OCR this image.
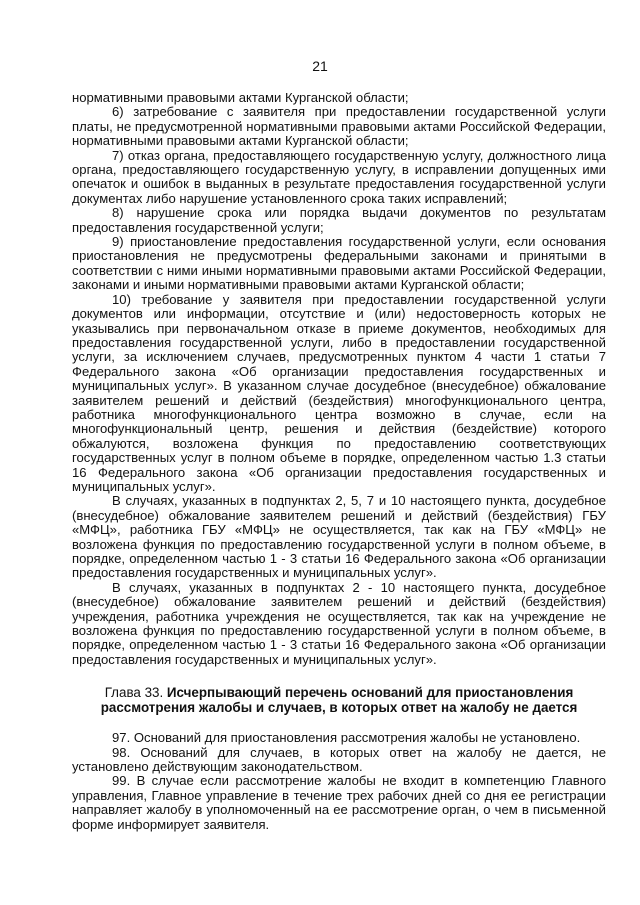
21

нормативными правовыми актами Курганской области;

6) затребование с заявителя при предоставлении государственной услуги платы, не предусмотренной нормативными правовыми актами Российской Федерации, нормативными правовыми актами Курганской области;

7) отказ органа, предоставляющего государственную услугу, должностного лица органа, предоставляющего государственную услугу, в исправлении допущенных ими опечаток и ошибок в выданных в результате предоставления государственной услуги документах либо нарушение установленного срока таких исправлений;

8) нарушение срока или порядка выдачи документов по результатам предоставления государственной услуги;

9) приостановление предоставления государственной услуги, если основания приостановления не предусмотрены федеральными законами и принятыми в соответствии с ними иными нормативными правовыми актами Российской Федерации, законами и иными нормативными правовыми актами Курганской области;

10) требование у заявителя при предоставлении государственной услуги документов или информации, отсутствие и (или) недостоверность которых не указывались при первоначальном отказе в приеме документов, необходимых для предоставления государственной услуги, либо в предоставлении государственной услуги, за исключением случаев, предусмотренных пунктом 4 части 1 статьи 7 Федерального закона «Об организации предоставления государственных и муниципальных услуг». В указанном случае досудебное (внесудебное) обжалование заявителем решений и действий (бездействия) многофункционального центра, работника многофункционального центра возможно в случае, если на многофункциональный центр, решения и действия (бездействие) которого обжалуются, возложена функция по предоставлению соответствующих государственных услуг в полном объеме в порядке, определенном частью 1.3 статьи 16 Федерального закона «Об организации предоставления государственных и муниципальных услуг».

В случаях, указанных в подпунктах 2, 5, 7 и 10 настоящего пункта, досудебное (внесудебное) обжалование заявителем решений и действий (бездействия) ГБУ «МФЦ», работника ГБУ «МФЦ» не осуществляется, так как на ГБУ «МФЦ» не возложена функция по предоставлению государственной услуги в полном объеме, в порядке, определенном частью 1 - 3 статьи 16 Федерального закона «Об организации предоставления государственных и муниципальных услуг».

В случаях, указанных в подпунктах 2 - 10 настоящего пункта, досудебное (внесудебное) обжалование заявителем решений и действий (бездействия) учреждения, работника учреждения не осуществляется, так как на учреждение не возложена функция по предоставлению государственной услуги в полном объеме, в порядке, определенном частью 1 - 3 статьи 16 Федерального закона «Об организации предоставления государственных и муниципальных услуг».

Глава 33. Исчерпывающий перечень оснований для приостановления
рассмотрения жалобы и случаев, в которых ответ на жалобу не дается

97. Оснований для приостановления рассмотрения жалобы не установлено.

98. Оснований для случаев, в которых ответ на жалобу не дается, не установлено действующим законодательством.

99. В случае если рассмотрение жалобы не входит в компетенцию Главного управления, Главное управление в течение трех рабочих дней со дня ее регистрации направляет жалобу в уполномоченный на ее рассмотрение орган, о чем в письменной форме информирует заявителя.
